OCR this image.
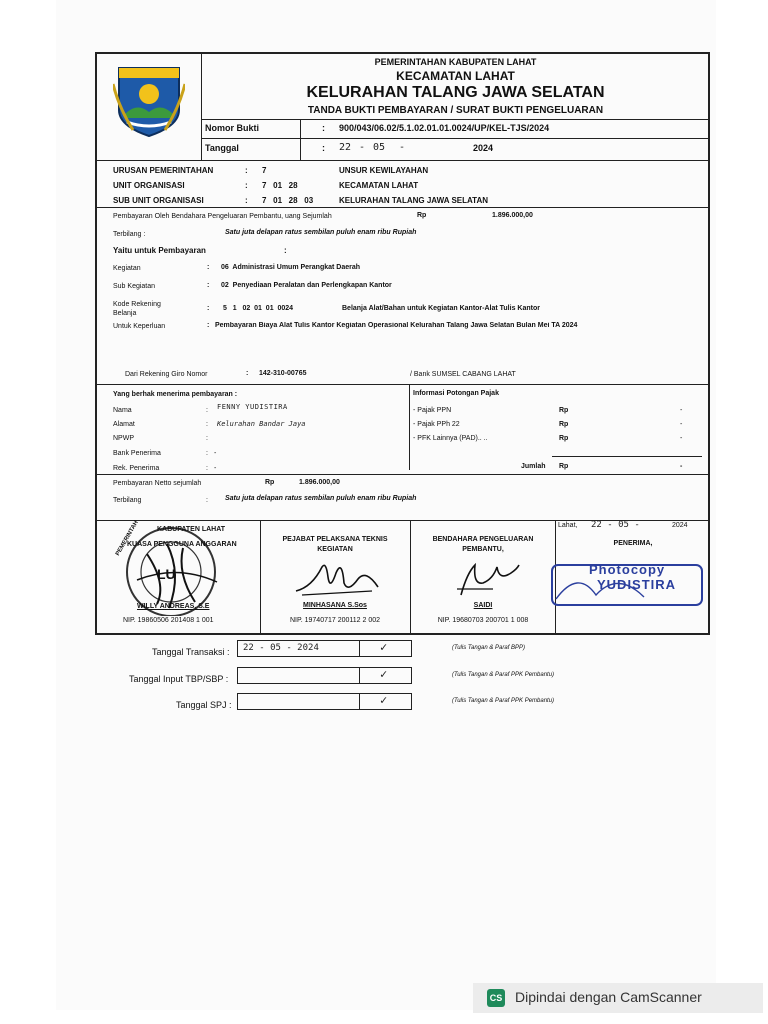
PEMERINTAHAN KABUPATEN LAHAT
KECAMATAN LAHAT
KELURAHAN TALANG JAWA SELATAN
TANDA BUKTI PEMBAYARAN / SURAT BUKTI PENGELUARAN
Nomor Bukti	: 900/043/06.02/5.1.02.01.01.0024/UP/KEL-TJS/2024
Tanggal	: 22 - 05 -	2024
URUSAN PEMERINTAHAN	: 7	UNSUR KEWILAYAHAN
UNIT ORGANISASI	: 7   01   28	KECAMATAN LAHAT
SUB UNIT ORGANISASI	: 7   01   28   03	KELURAHAN TALANG JAWA SELATAN
Pembayaran Oleh Bendahara Pengeluaran Pembantu, uang Sejumlah	Rp	1.896.000,00
Terbilang :	Satu juta delapan ratus sembilan puluh enam ribu Rupiah
Yaitu untuk Pembayaran	:
Kegiatan	: 06  Administrasi Umum Perangkat Daerah
Sub Kegiatan	: 02  Penyediaan Peralatan dan Perlengkapan Kantor
Kode Rekening Belanja
: 5   1   02  01  01  0024	Belanja Alat/Bahan untuk Kegiatan Kantor-Alat Tulis Kantor
Untuk Keperluan	: Pembayaran Biaya Alat Tulis Kantor Kegiatan Operasional Kelurahan Talang Jawa Selatan Bulan Mei TA 2024
Dari Rekening Giro Nomor	: 142-310-00765	/ Bank SUMSEL CABANG LAHAT
Yang berhak menerima pembayaran :
Nama	: FENNY YUDISTIRA
Alamat	: Kelurahan Bandar Jaya
NPWP	:
Bank Penerima	: -
Rek. Penerima	: -
Informasi Potongan Pajak
- Pajak PPN	Rp	-
- Pajak PPh 22	Rp	-
- PFK Lainnya (PAD).. ..	Rp	-
Jumlah Rp	-
Pembayaran Netto sejumlah	Rp	1.896.000,00
Terbilang	: Satu juta delapan ratus sembilan puluh enam ribu Rupiah
KABUPATEN LAHAT
PEMERINTAH
LU
KUASA PENGGUNA ANGGARAN
WILLY ANDREAS, S.E
NIP. 19860506 201408 1 001
PEJABAT PELAKSANA TEKNIS KEGIATAN
MINHASANA S.Sos
NIP. 19740717 200112 2 002
BENDAHARA PENGELUARAN PEMBANTU,
SAIDI
NIP. 19680703 200701 1 008
Lahat, 22 - 05 -	2024
PENERIMA,
Photocopy
YUDISTIRA
Tanggal Transaksi : 22 - 05 - 2024	✓	(Tulis Tangan & Paraf BPP)
Tanggal Input TBP/SBP :	✓	(Tulis Tangan & Paraf PPK Pembantu)
Tanggal SPJ :	✓	(Tulis Tangan & Paraf PPK Pembantu)
CS Dipindai dengan CamScanner
